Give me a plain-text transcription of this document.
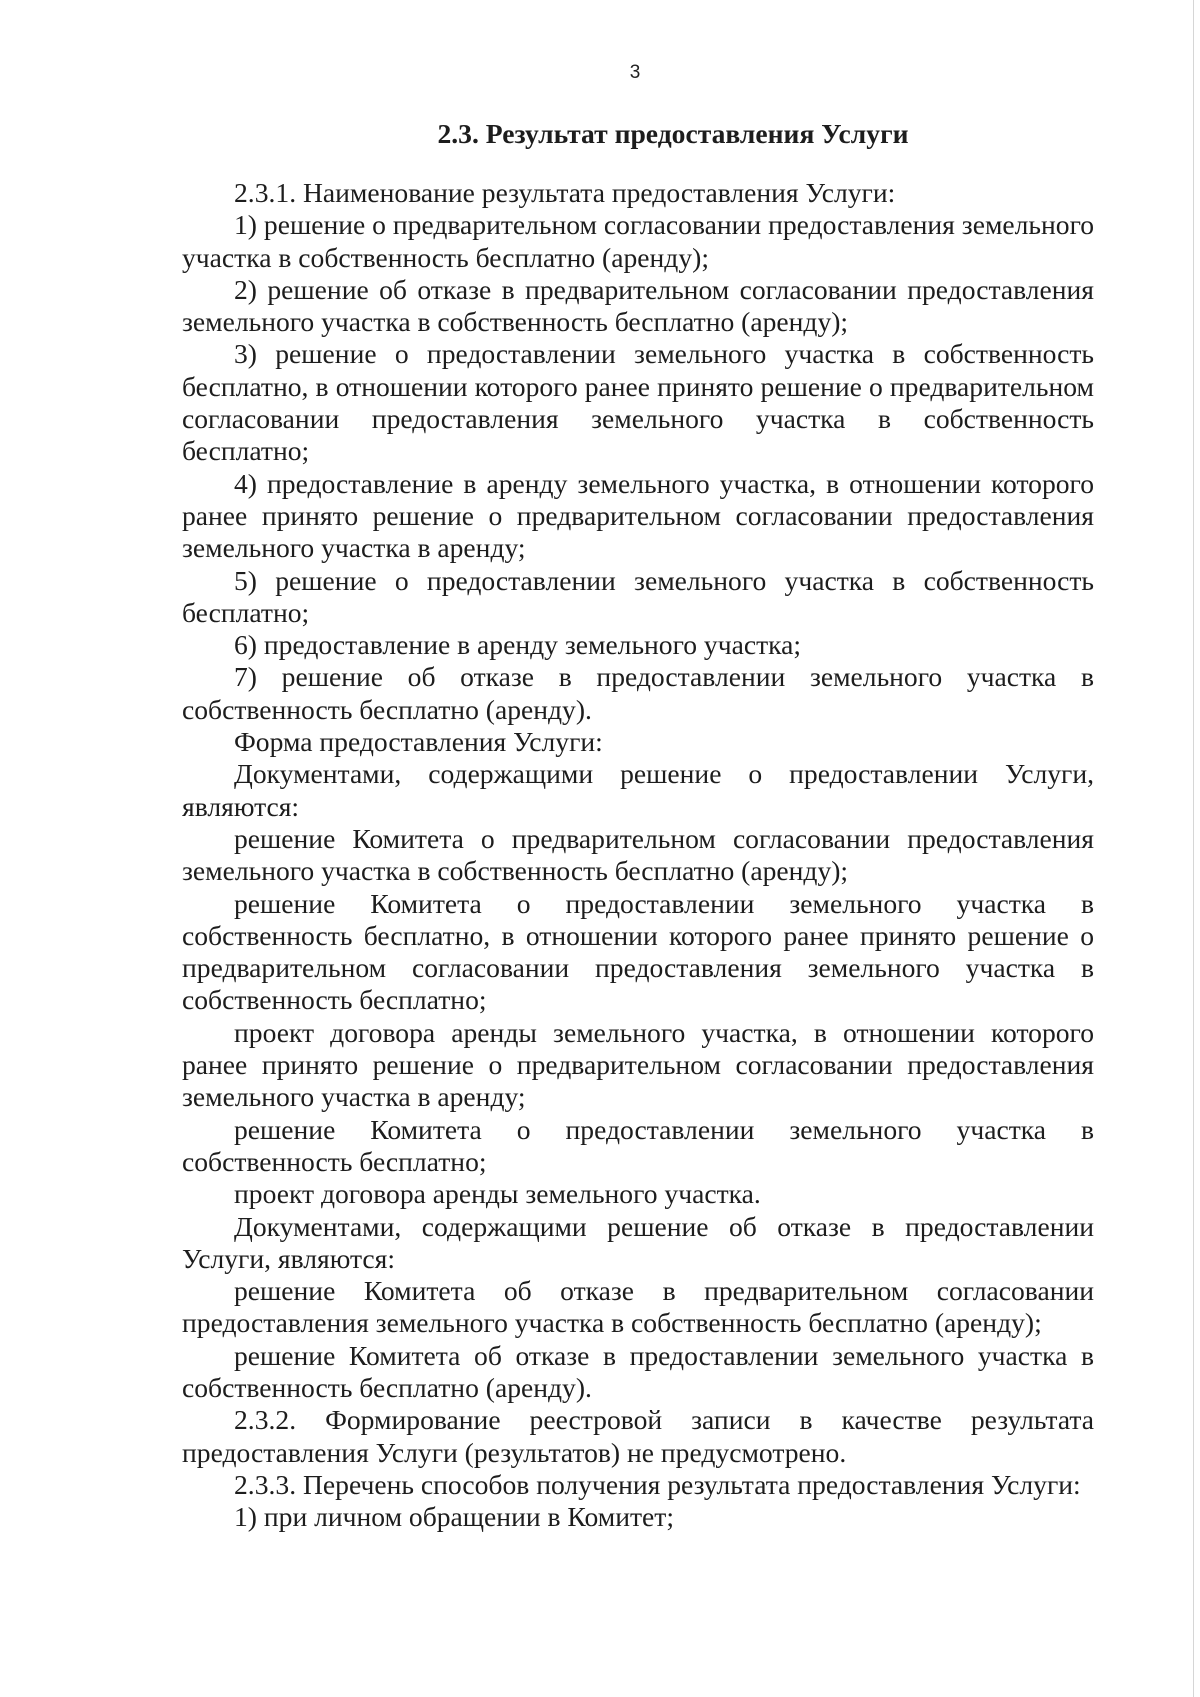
3
2.3. Результат предоставления Услуги

2.3.1. Наименование результата предоставления Услуги:

1) решение о предварительном согласовании предоставления земельного участка в собственность бесплатно (аренду);

2) решение об отказе в предварительном согласовании предоставления земельного участка в собственность бесплатно (аренду);

3) решение о предоставлении земельного участка в собственность бесплатно, в отношении которого ранее принято решение о предварительном согласовании предоставления земельного участка в собственность бесплатно;

4) предоставление в аренду земельного участка, в отношении которого ранее принято решение о предварительном согласовании предоставления земельного участка в аренду;

5) решение о предоставлении земельного участка в собственность бесплатно;

6) предоставление в аренду земельного участка;

7) решение об отказе в предоставлении земельного участка в собственность бесплатно (аренду).

Форма предоставления Услуги:

Документами, содержащими решение о предоставлении Услуги, являются:

решение Комитета о предварительном согласовании предоставления земельного участка в собственность бесплатно (аренду);

решение Комитета о предоставлении земельного участка в собственность бесплатно, в отношении которого ранее принято решение о предварительном согласовании предоставления земельного участка в собственность бесплатно;

проект договора аренды земельного участка, в отношении которого ранее принято решение о предварительном согласовании предоставления земельного участка в аренду;

решение Комитета о предоставлении земельного участка в собственность бесплатно;

проект договора аренды земельного участка.

Документами, содержащими решение об отказе в предоставлении Услуги, являются:

решение Комитета об отказе в предварительном согласовании предоставления земельного участка в собственность бесплатно (аренду);

решение Комитета об отказе в предоставлении земельного участка в собственность бесплатно (аренду).

2.3.2. Формирование реестровой записи в качестве результата предоставления Услуги (результатов) не предусмотрено.

2.3.3. Перечень способов получения результата предоставления Услуги:

1) при личном обращении в Комитет;
